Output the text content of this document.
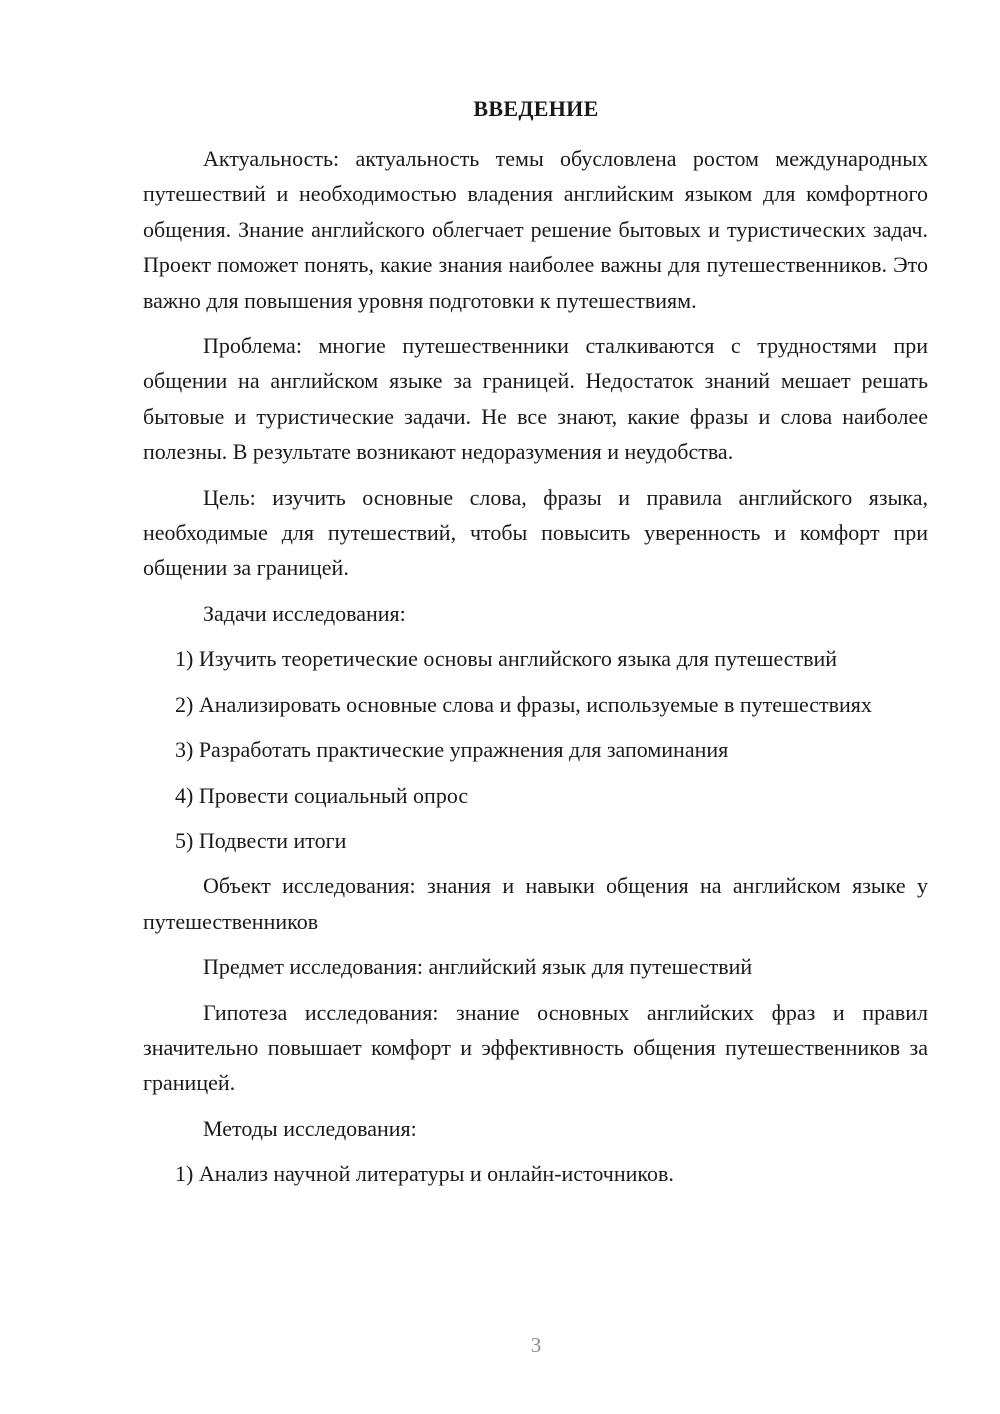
ВВЕДЕНИЕ

Актуальность: актуальность темы обусловлена ростом международных путешествий и необходимостью владения английским языком для комфортного общения. Знание английского облегчает решение бытовых и туристических задач. Проект поможет понять, какие знания наиболее важны для путешественников. Это важно для повышения уровня подготовки к путешествиям.

Проблема: многие путешественники сталкиваются с трудностями при общении на английском языке за границей. Недостаток знаний мешает решать бытовые и туристические задачи. Не все знают, какие фразы и слова наиболее полезны. В результате возникают недоразумения и неудобства.

Цель: изучить основные слова, фразы и правила английского языка, необходимые для путешествий, чтобы повысить уверенность и комфорт при общении за границей.

Задачи исследования:

1) Изучить теоретические основы английского языка для путешествий

2) Анализировать основные слова и фразы, используемые в путешествиях

3) Разработать практические упражнения для запоминания

4) Провести социальный опрос

5) Подвести итоги

Объект исследования: знания и навыки общения на английском языке у путешественников

Предмет исследования: английский язык для путешествий

Гипотеза исследования: знание основных английских фраз и правил значительно повышает комфорт и эффективность общения путешественников за границей.

Методы исследования:

1) Анализ научной литературы и онлайн-источников.

3
